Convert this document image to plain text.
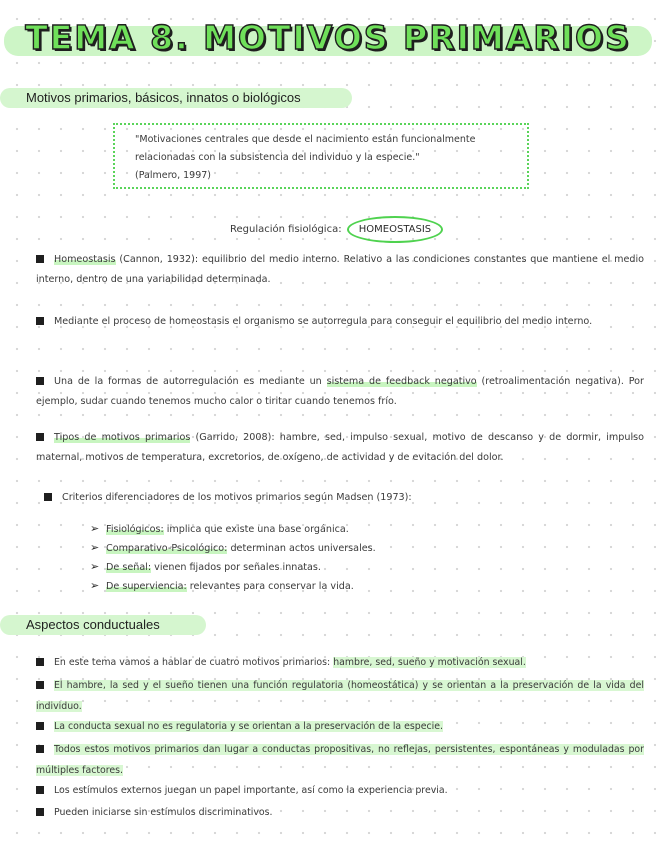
TEMA 8. MOTIVOS PRIMARIOS
Motivos primarios, básicos, innatos o biológicos
"Motivaciones centrales que desde el nacimiento están funcionalmente
relacionadas con la subsistencia del individuo y la especie."
(Palmero, 1997)
Regulación fisiológica: HOMEOSTASIS
Homeostasis (Cannon, 1932): equilibrio del medio interno. Relativo a las condiciones constantes que mantiene el medio interno, dentro de una variabilidad determinada.
Mediante el proceso de homeostasis el organismo se autorregula para conseguir el equilibrio del medio interno.
Una de la formas de autorregulación es mediante un sistema de feedback negativo (retroalimentación negativa). Por ejemplo, sudar cuando tenemos mucho calor o tiritar cuando tenemos frío.
Tipos de motivos primarios (Garrido, 2008): hambre, sed, impulso sexual, motivo de descanso y de dormir, impulso maternal, motivos de temperatura, excretorios, de oxígeno, de actividad y de evitación del dolor.
Criterios diferenciadores de los motivos primarios según Madsen (1973):
➢ Fisiológicos: implica que existe una base orgánica.
➢ Comparativo-Psicológico: determinan actos universales.
➢ De señal: vienen fijados por señales innatas.
➢ De superviencia: relevantes para conservar la vida.
Aspectos conductuales
En este tema vamos a hablar de cuatro motivos primarios: hambre, sed, sueño y motivación sexual.
El hambre, la sed y el sueño tienen una función regulatoria (homeostática) y se orientan a la preservación de la vida del individuo.
La conducta sexual no es regulatoria y se orientan a la preservación de la especie.
Todos estos motivos primarios dan lugar a conductas propositivas, no reflejas, persistentes, espontáneas y moduladas por múltiples factores.
Los estímulos externos juegan un papel importante, así como la experiencia previa.
Pueden iniciarse sin estímulos discriminativos.
